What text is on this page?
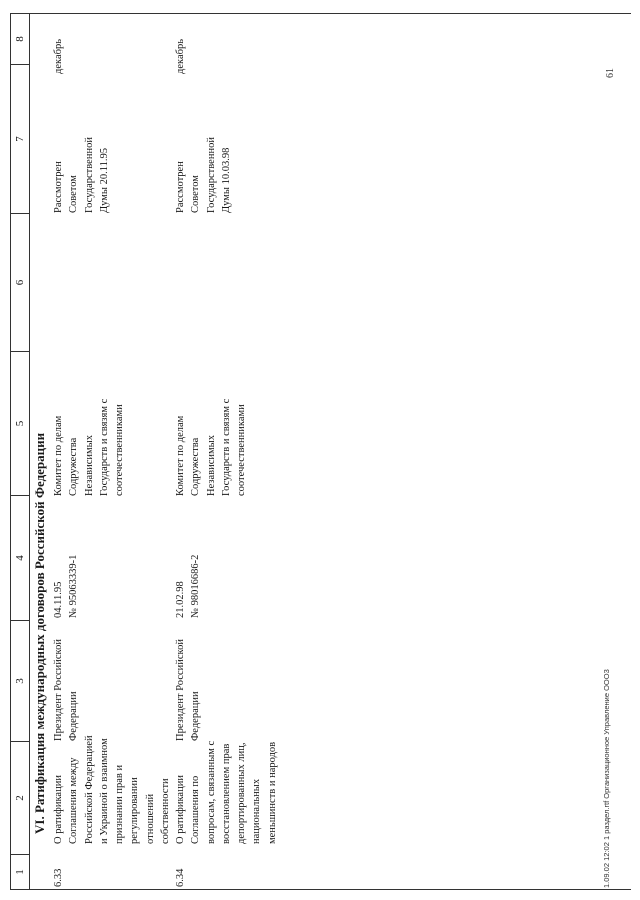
1
2
3
4
5
6
7
8
VI. Ратификация международных договоров Российской Федерации
6.33
О ратификации Соглашения между Российской Федерацией и Украиной о взаимном признании прав и регулировании отношений собственности
Президент Российской Федерации
04.11.95 № 95063339-1
Комитет по делам Содружества Независимых Государств и связям с соотечественниками
Рассмотрен Советом Государственной Думы 20.11.95
декабрь
6.34
О ратификации Соглашения по вопросам, связанным с восстановлением прав депортированных лиц, национальных меньшинств и народов
Президент Российской Федерации
21.02.98 № 98016686-2
Комитет по делам Содружества Независимых Государств и связям с соотечественниками
Рассмотрен Советом Государственной Думы 10.03.98
декабрь
1.09.02 12:02 1 раздел.rtf Организационное Управление ООО3
61
